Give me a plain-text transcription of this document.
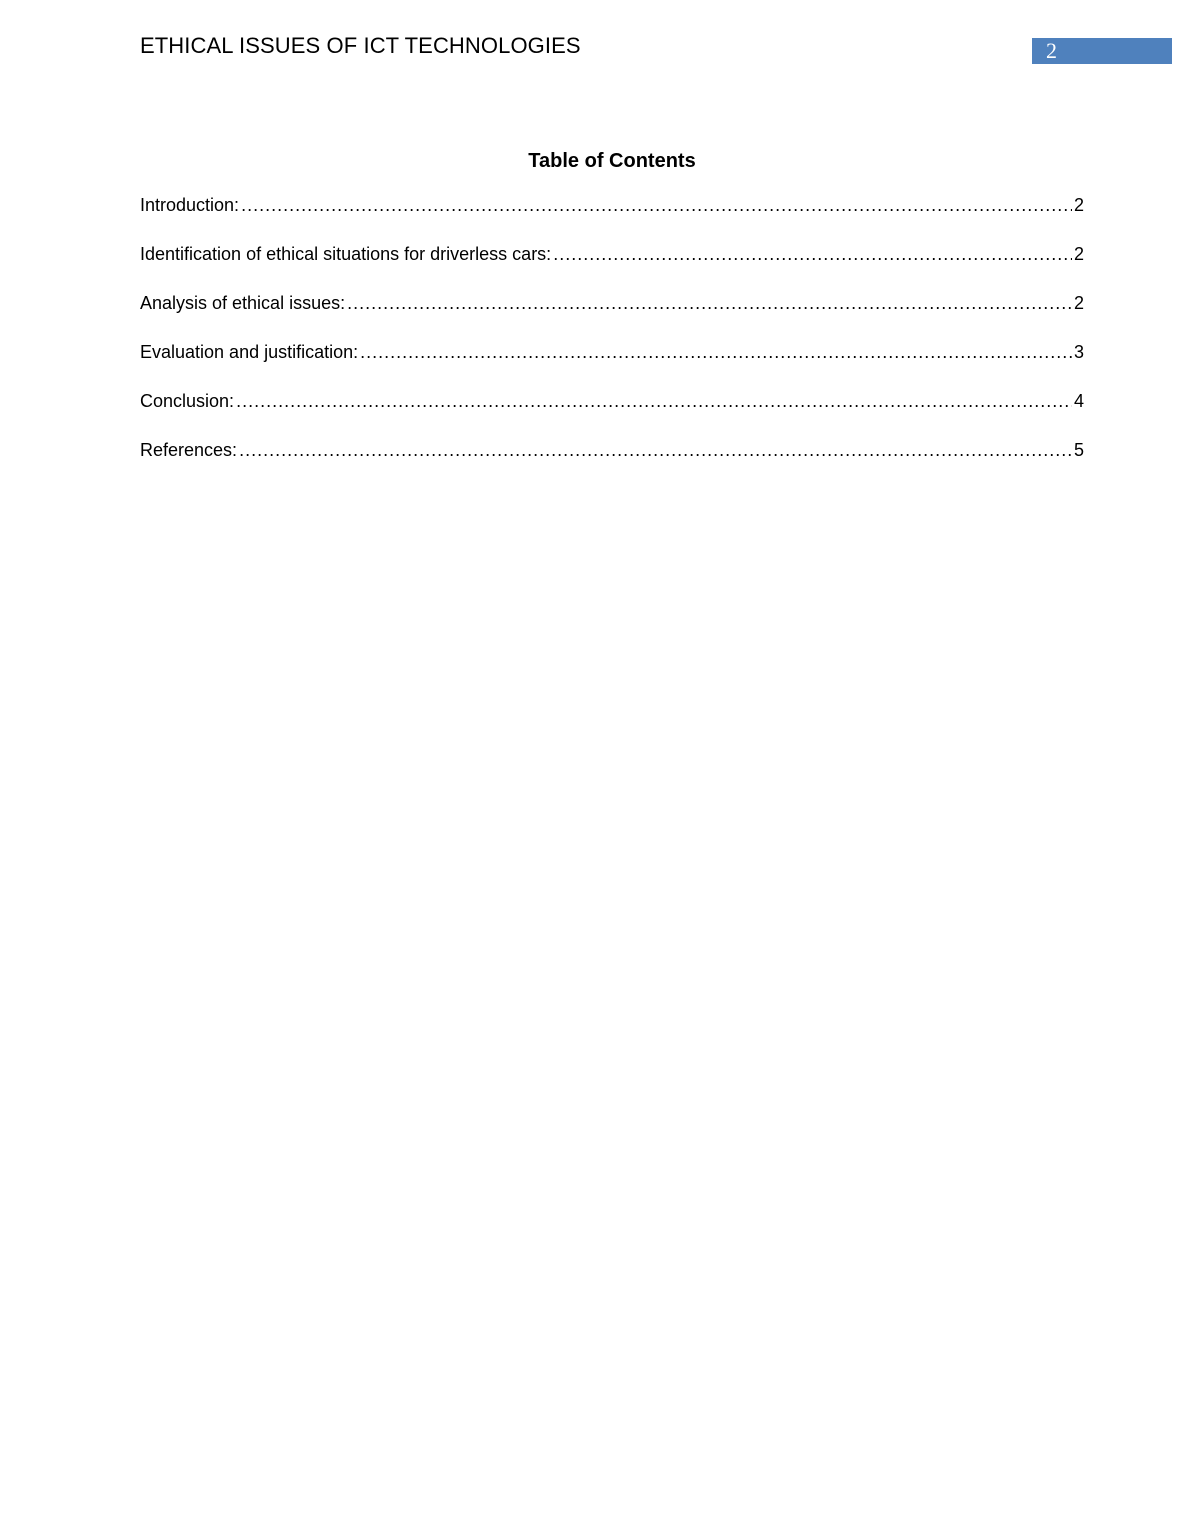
ETHICAL ISSUES OF ICT TECHNOLOGIES	2
Table of Contents
Introduction: .....	2
Identification of ethical situations for driverless cars: .....	2
Analysis of ethical issues: .....	2
Evaluation and justification: .....	3
Conclusion: .....	4
References: .....	5
